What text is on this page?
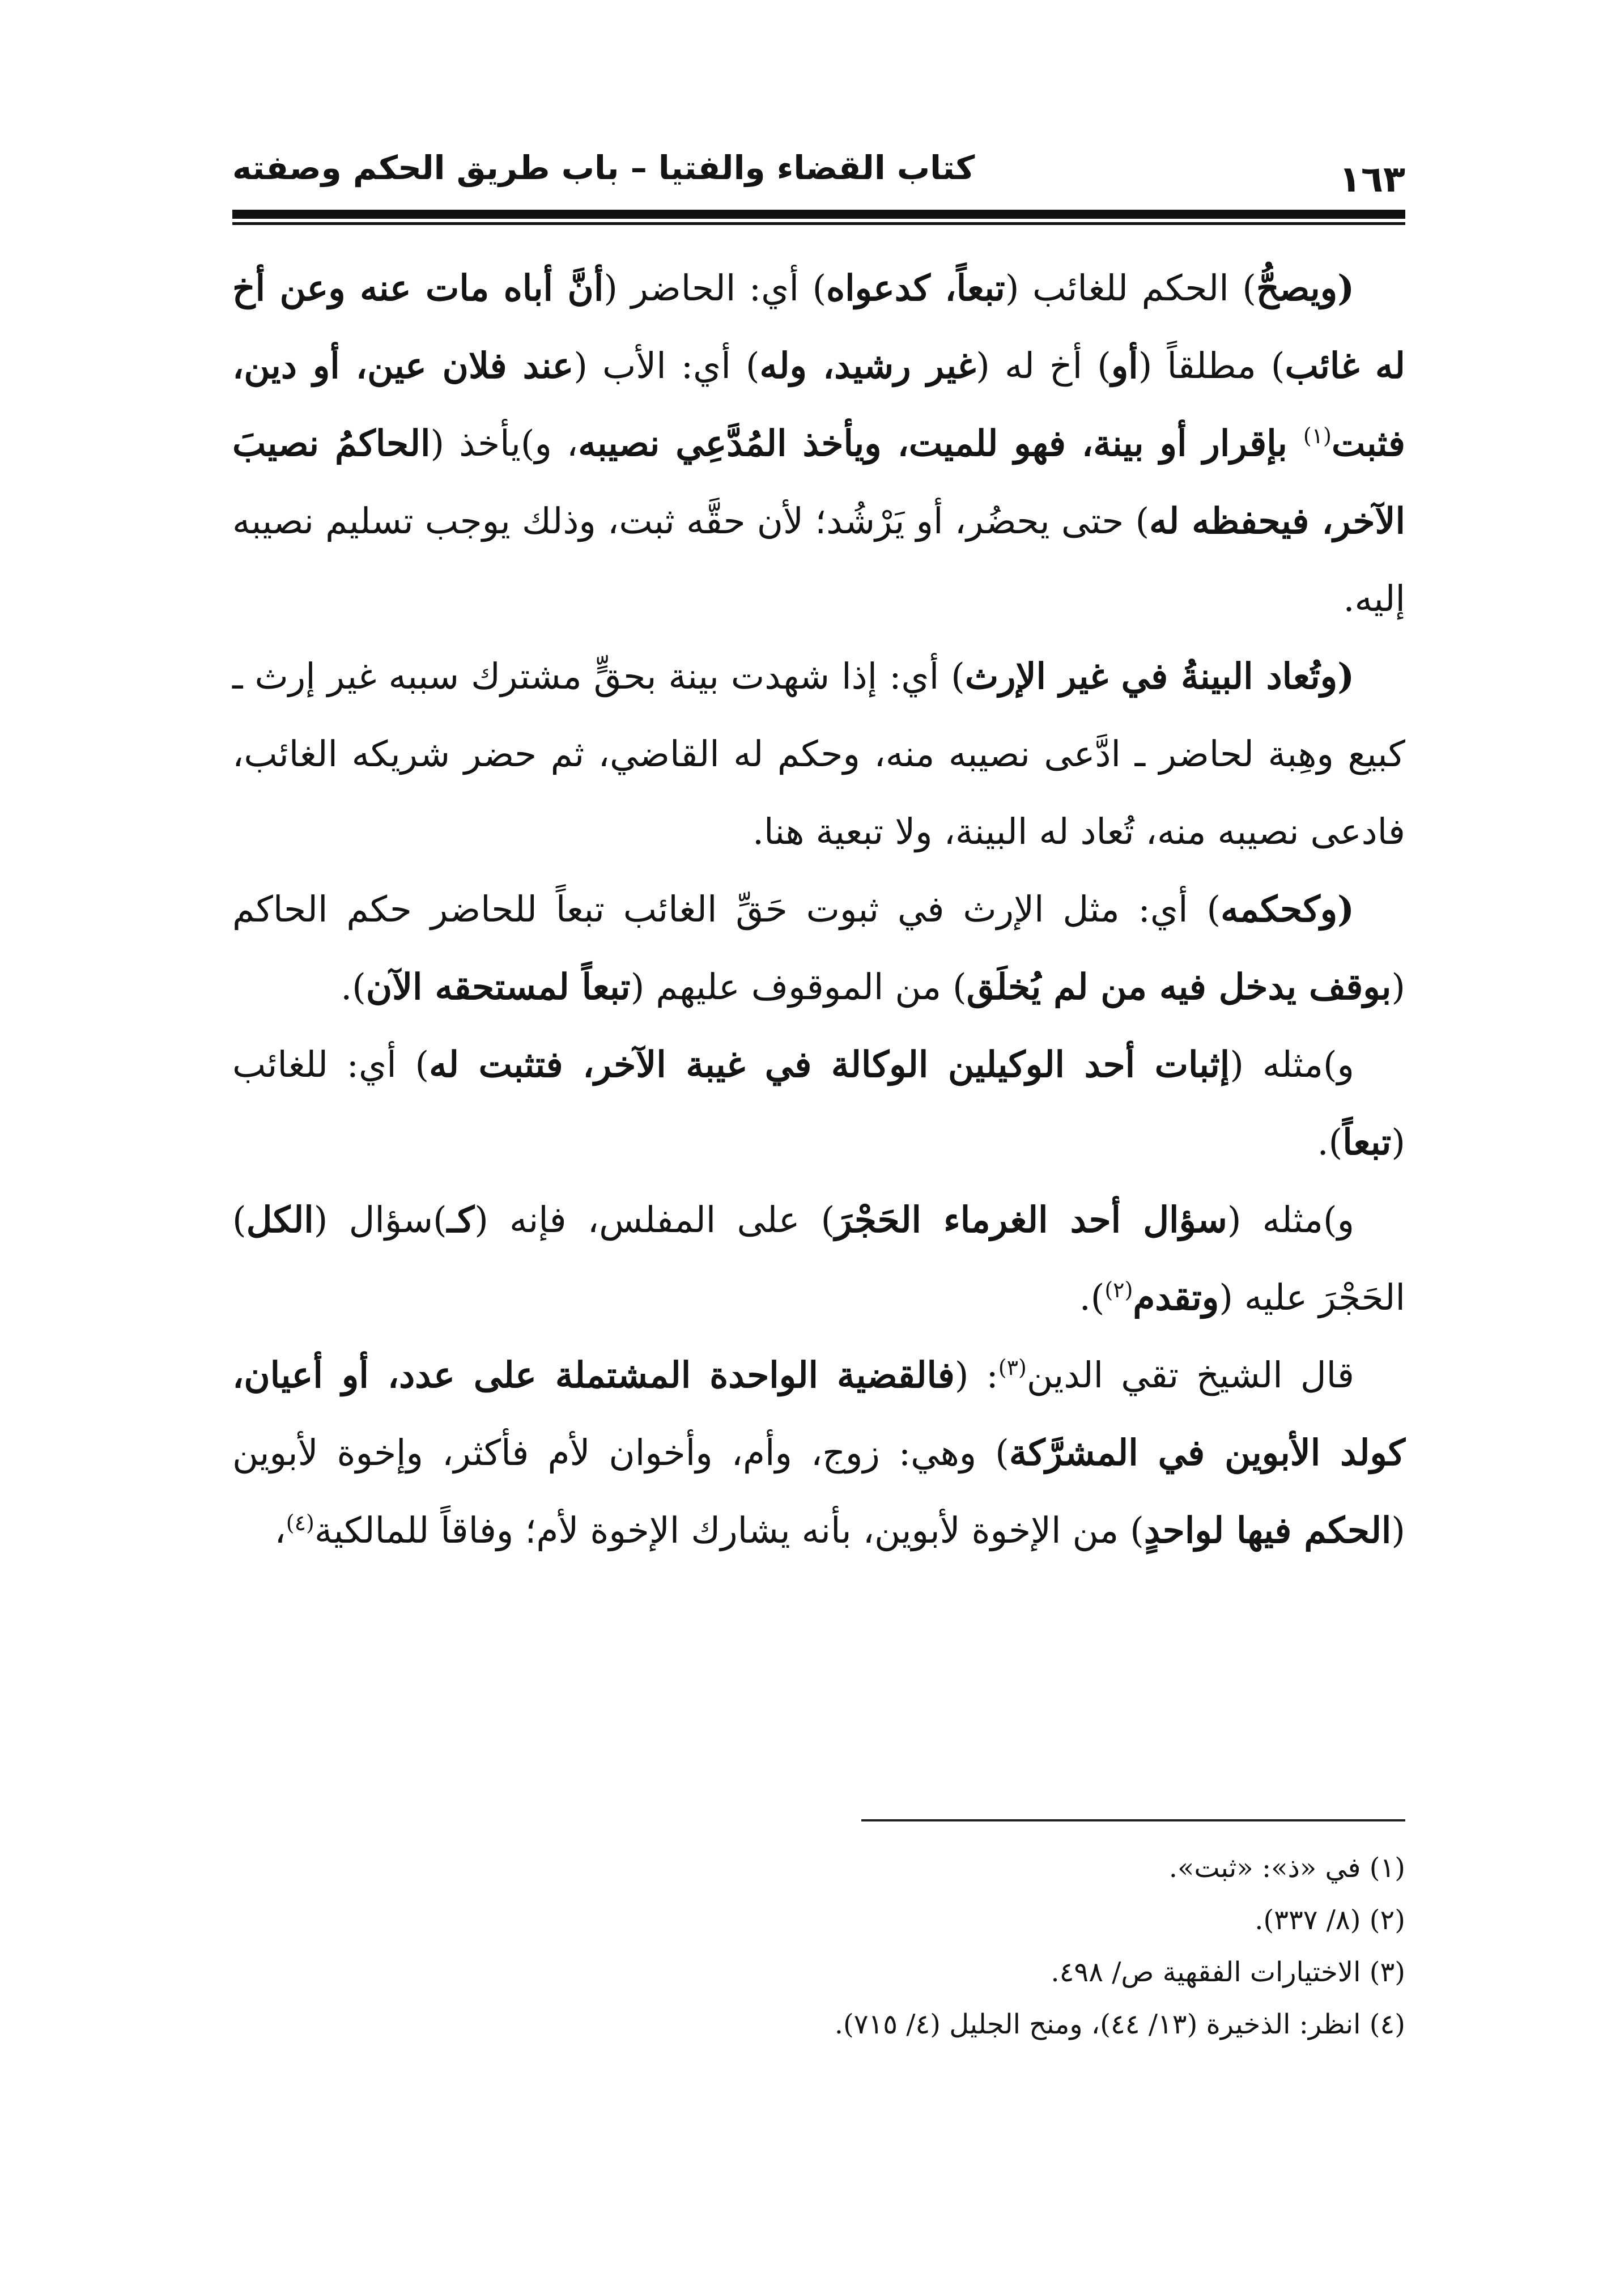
١٦٣
كتاب القضاء والفتيا – باب طريق الحكم وصفته

(ويصحُّ) الحكم للغائب (تبعاً، كدعواه) أي: الحاضر (أنَّ أباه مات عنه وعن أخ له غائب) مطلقاً (أو) أخ له (غير رشيد، وله) أي: الأب (عند فلان عين، أو دين، فثبت$^{(١)}$ بإقرار أو بينة، فهو للميت، ويأخذ المُدَّعِي نصيبه، و)يأخذ (الحاكمُ نصيبَ الآخر، فيحفظه له) حتى يحضُر، أو يَرْشُد؛ لأن حقَّه ثبت، وذلك يوجب تسليم نصيبه إليه.

(وتُعاد البينةُ في غير الإرث) أي: إذا شهدت بينة بحقٍّ مشترك سببه غير إرث ـ كبيع وهِبة لحاضر ـ ادَّعى نصيبه منه، وحكم له القاضي، ثم حضر شريكه الغائب، فادعى نصيبه منه، تُعاد له البينة، ولا تبعية هنا.

(وكحكمه) أي: مثل الإرث في ثبوت حَقِّ الغائب تبعاً للحاضر حكم الحاكم (بوقف يدخل فيه من لم يُخلَق) من الموقوف عليهم (تبعاً لمستحقه الآن).

و)مثله (إثبات أحد الوكيلين الوكالة في غيبة الآخر، فتثبت له) أي: للغائب (تبعاً).

و)مثله (سؤال أحد الغرماء الحَجْرَ) على المفلس، فإنه (كـ)سؤال (الكل) الحَجْرَ عليه (وتقدم$^{(٢)}$).

قال الشيخ تقي الدين$^{(٣)}$: (فالقضية الواحدة المشتملة على عدد، أو أعيان، كولد الأبوين في المشرَّكة) وهي: زوج، وأم، وأخوان لأم فأكثر، وإخوة لأبوين (الحكم فيها لواحدٍ) من الإخوة لأبوين، بأنه يشارك الإخوة لأم؛ وفاقاً للمالكية$^{(٤)}$،

(١) في «ذ»: «ثبت».

(٢) (٨/ ٣٣٧).

(٣) الاختيارات الفقهية ص/ ٤٩٨.

(٤) انظر: الذخيرة (١٣/ ٤٤)، ومنح الجليل (٤/ ٧١٥).
